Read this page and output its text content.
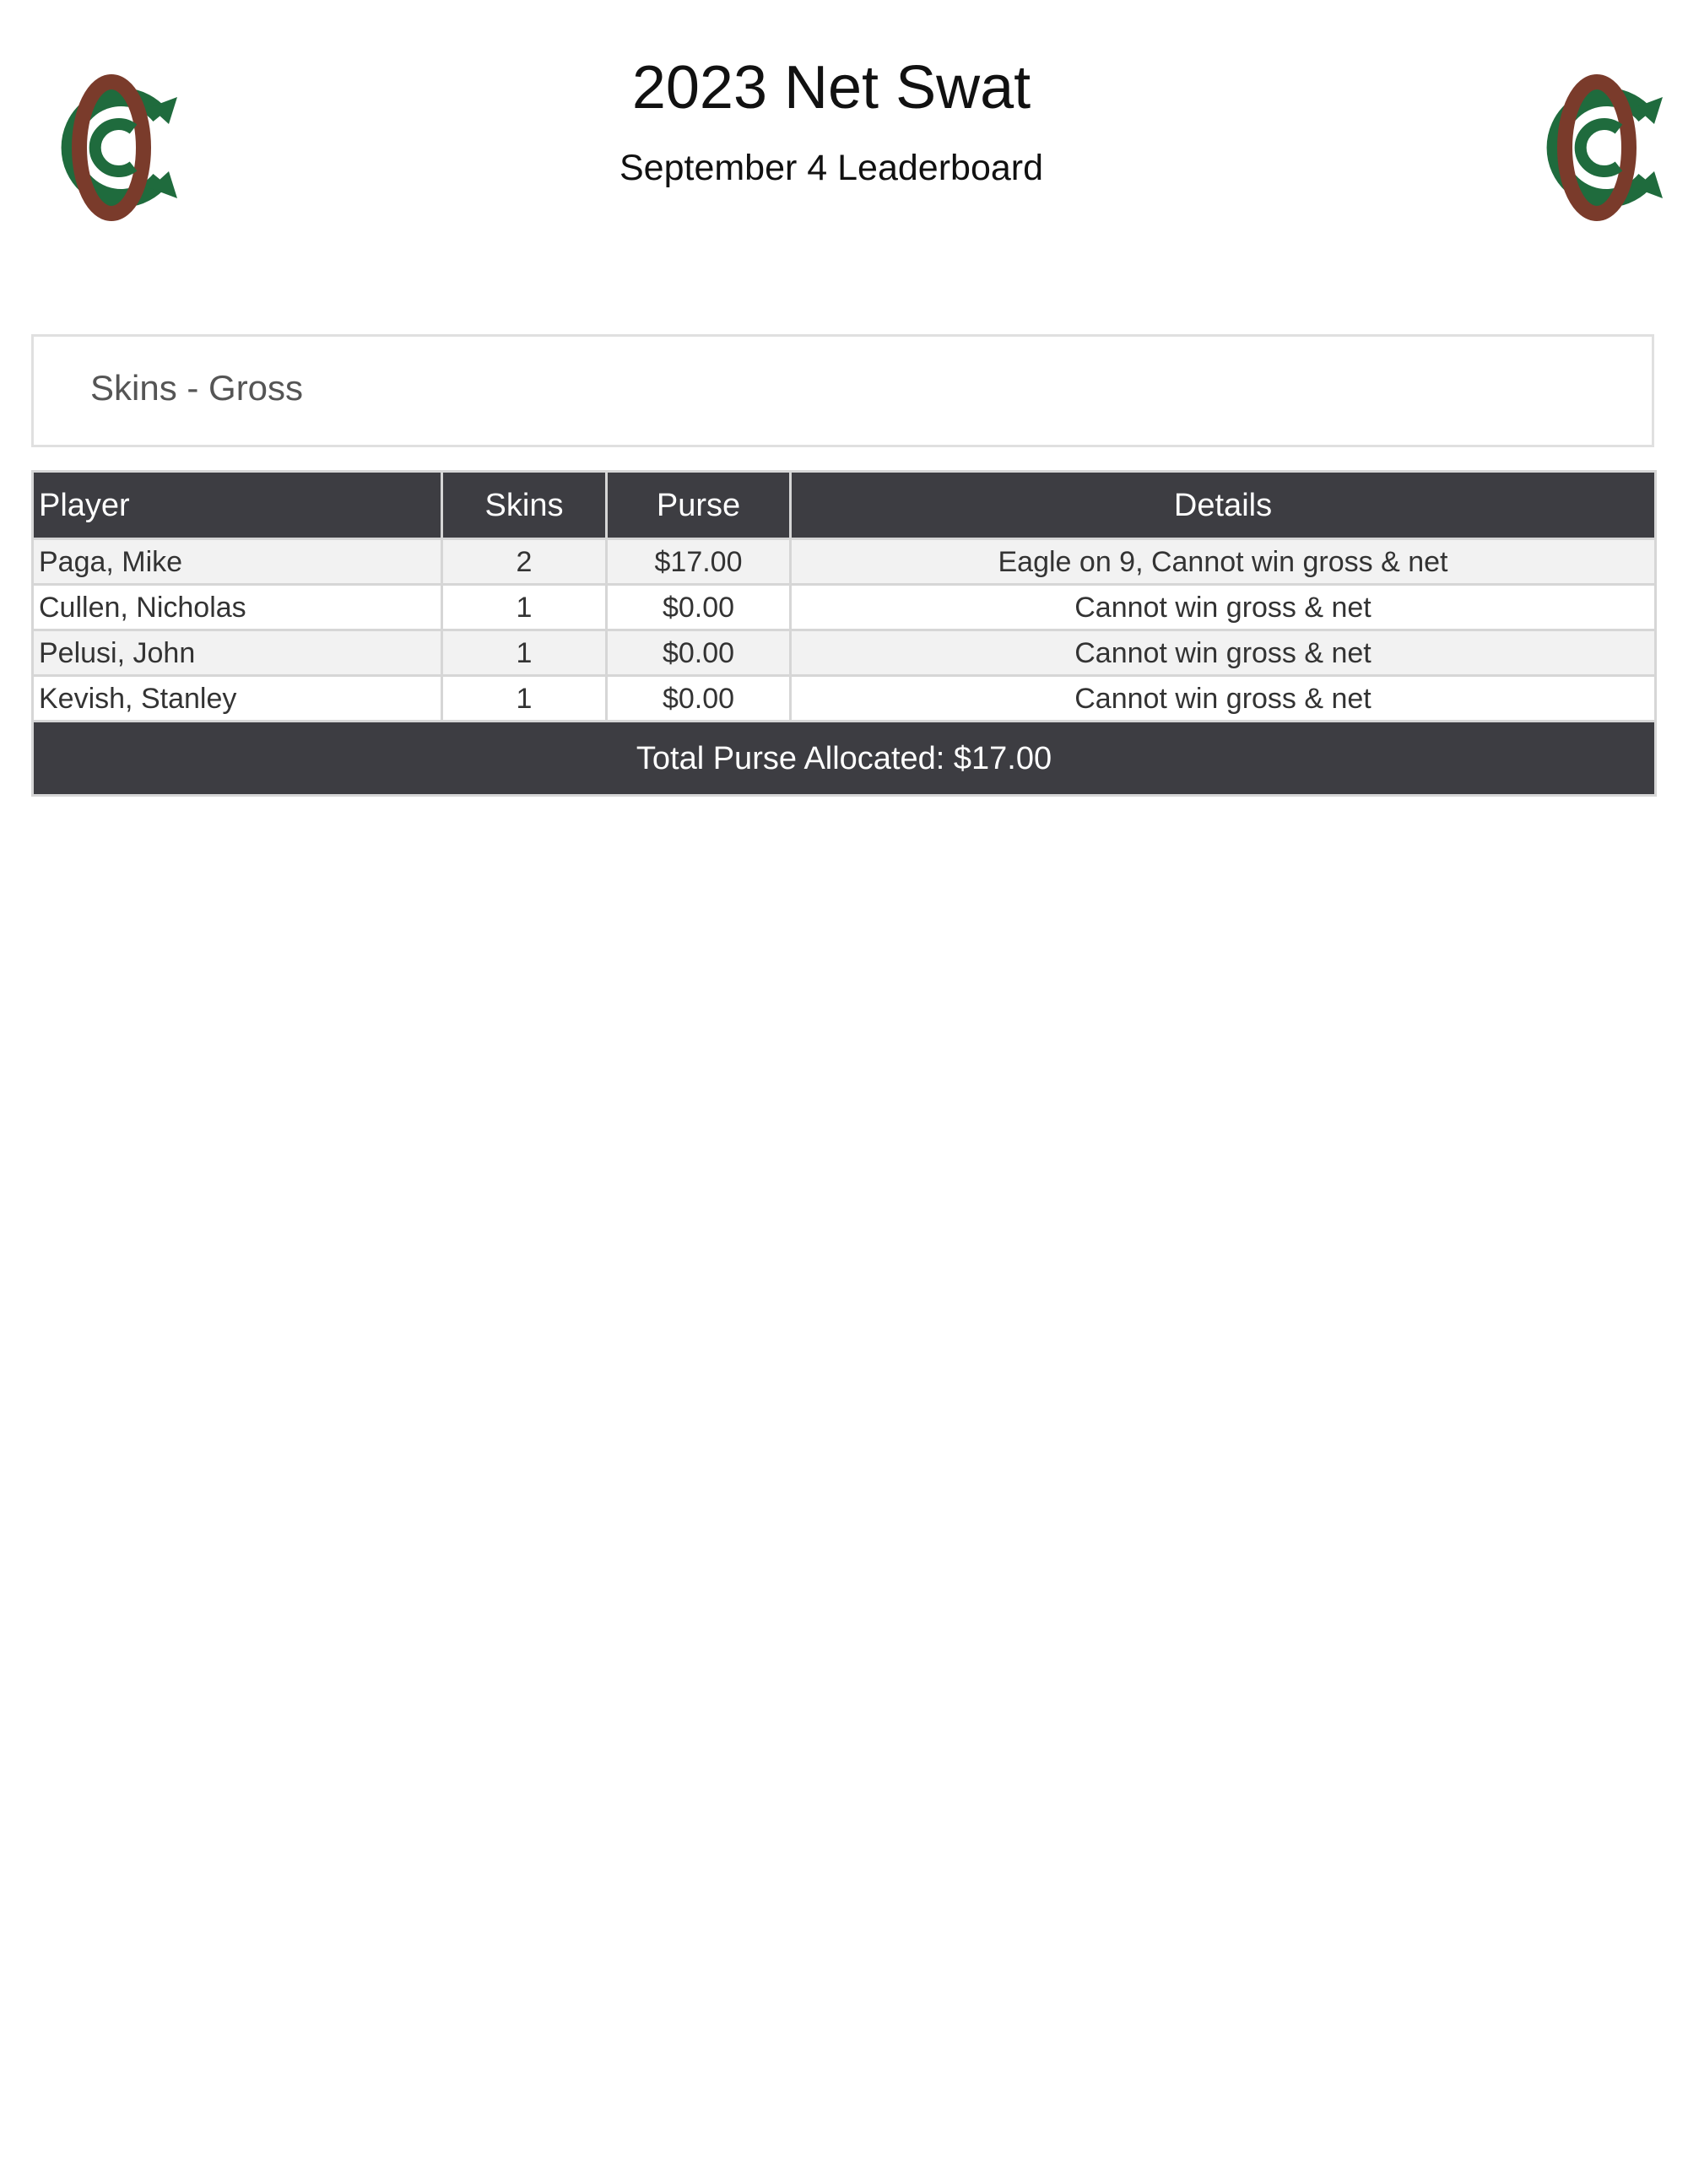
2023 Net Swat
September 4 Leaderboard
Skins - Gross
Player	Skins	Purse	Details
Paga, Mike	2	$17.00	Eagle on 9, Cannot win gross & net
Cullen, Nicholas	1	$0.00	Cannot win gross & net
Pelusi, John	1	$0.00	Cannot win gross & net
Kevish, Stanley	1	$0.00	Cannot win gross & net
Total Purse Allocated: $17.00			
